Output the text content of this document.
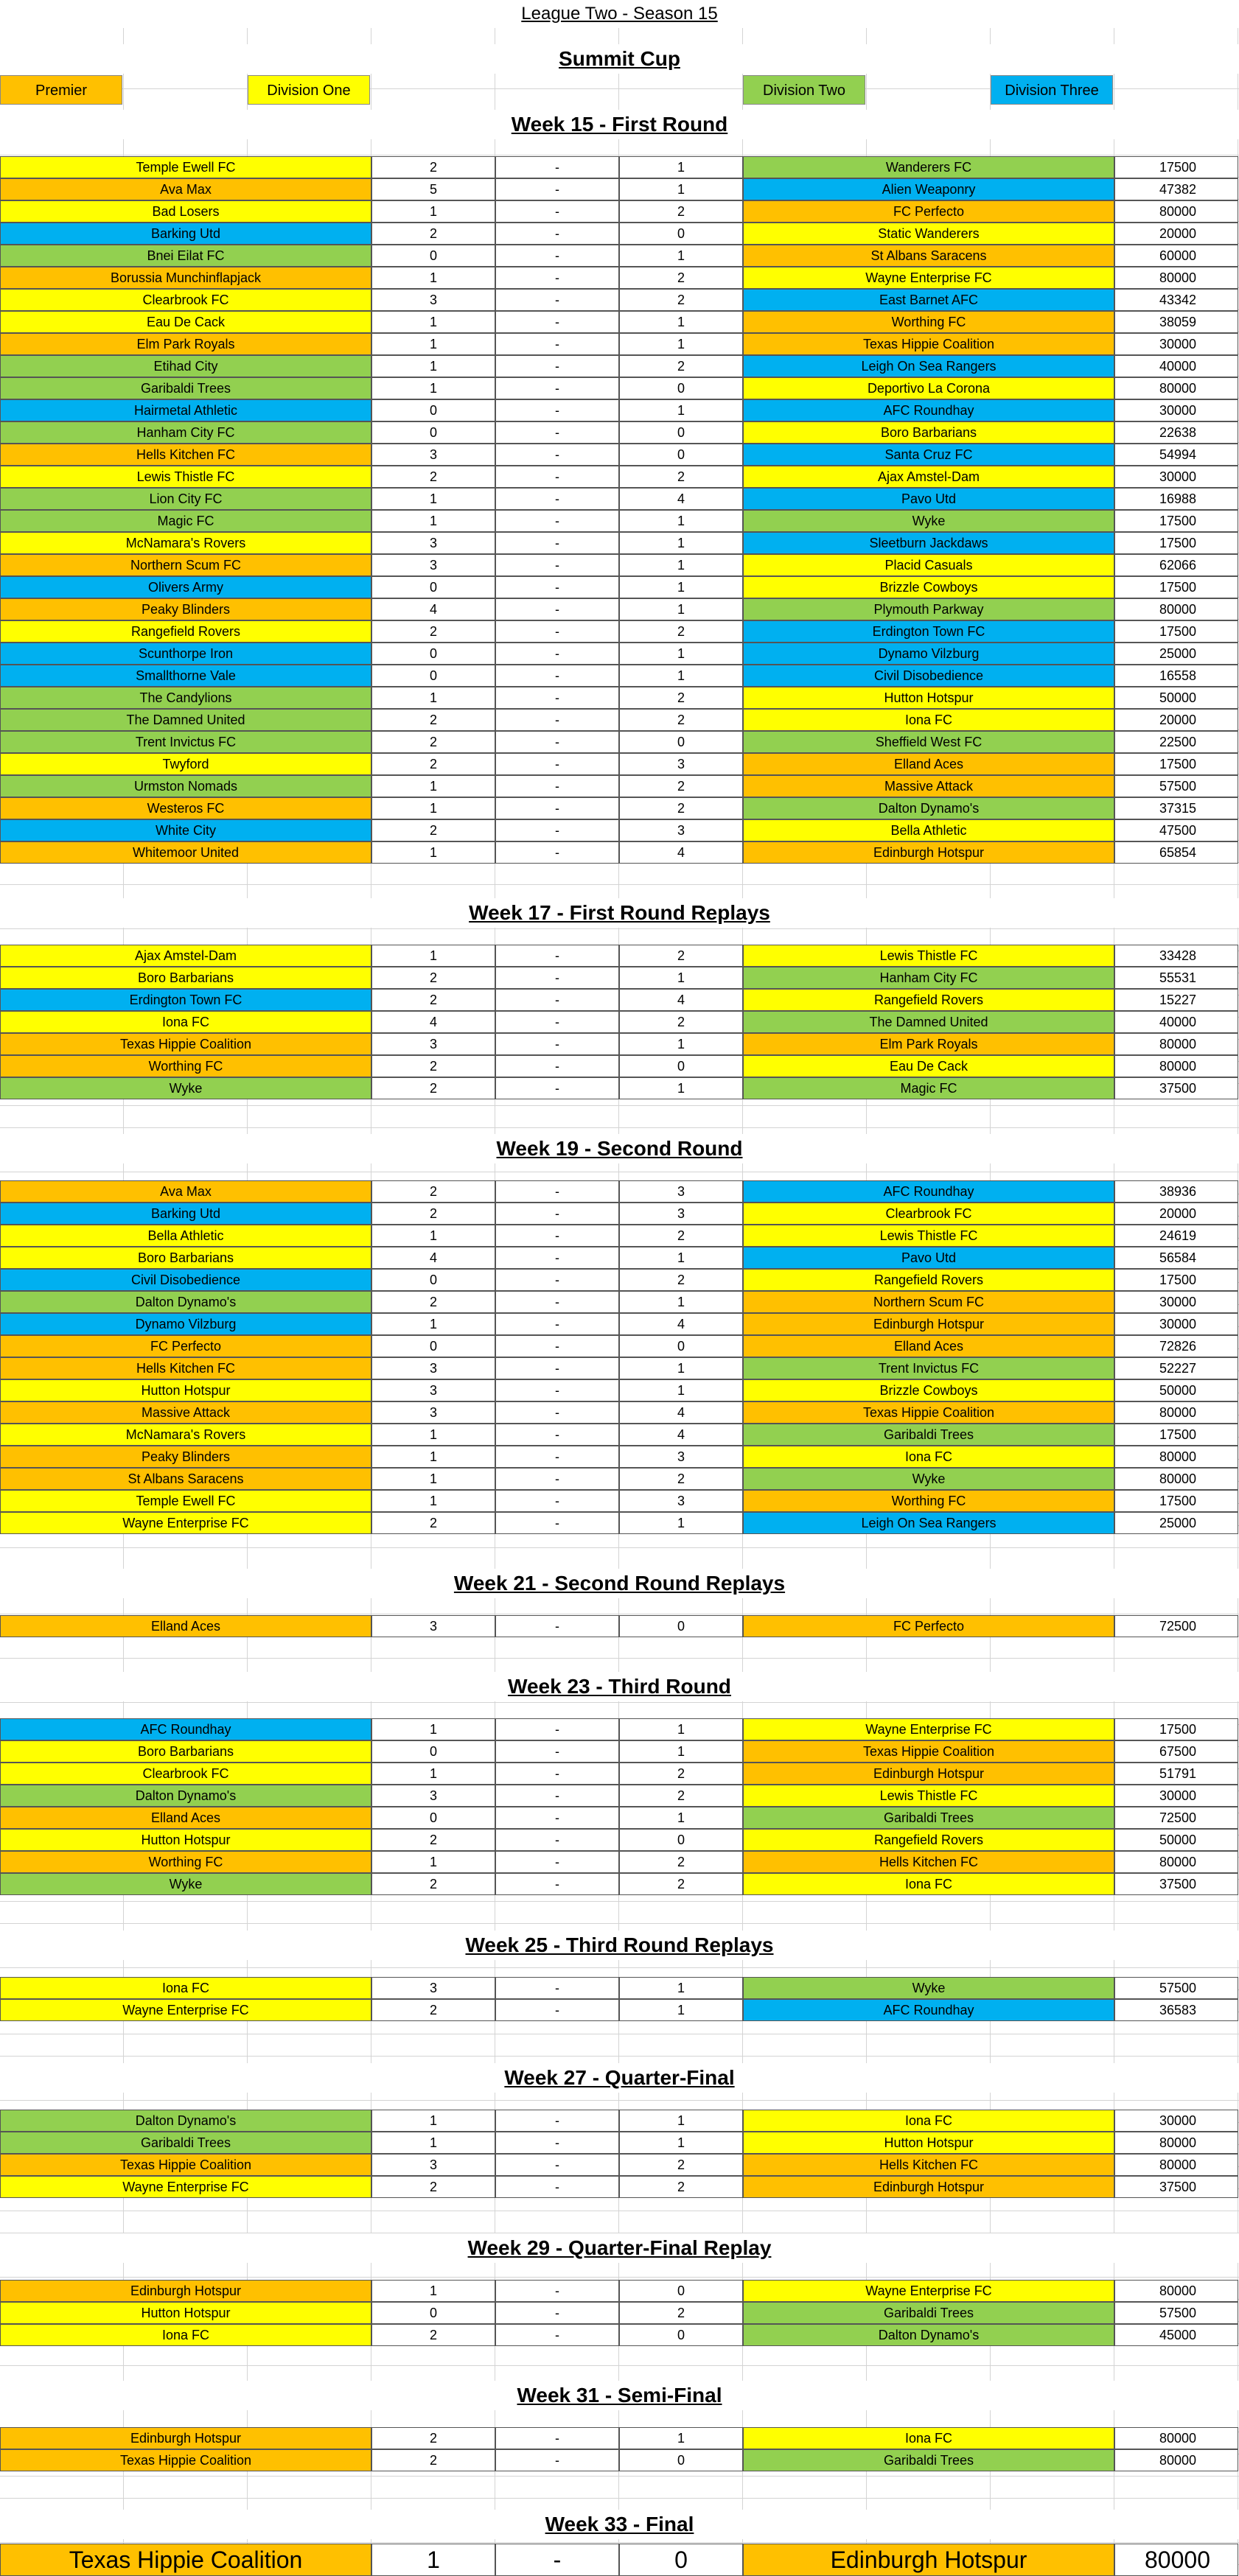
League Two - Season 15
Summit Cup
Premier	Division One	Division Two	Division Three
Week 15 - First Round
Temple Ewell FC	2	-	1	Wanderers FC	17500
Ava Max	5	-	1	Alien Weaponry	47382
Bad Losers	1	-	2	FC Perfecto	80000
Barking Utd	2	-	0	Static Wanderers	20000
Bnei Eilat FC	0	-	1	St Albans Saracens	60000
Borussia Munchinflapjack	1	-	2	Wayne Enterprise FC	80000
Clearbrook FC	3	-	2	East Barnet AFC	43342
Eau De Cack	1	-	1	Worthing FC	38059
Elm Park Royals	1	-	1	Texas Hippie Coalition	30000
Etihad City	1	-	2	Leigh On Sea Rangers	40000
Garibaldi Trees	1	-	0	Deportivo La Corona	80000
Hairmetal Athletic	0	-	1	AFC Roundhay	30000
Hanham City FC	0	-	0	Boro Barbarians	22638
Hells Kitchen FC	3	-	0	Santa Cruz FC	54994
Lewis Thistle FC	2	-	2	Ajax Amstel-Dam	30000
Lion City FC	1	-	4	Pavo Utd	16988
Magic FC	1	-	1	Wyke	17500
McNamara's Rovers	3	-	1	Sleetburn Jackdaws	17500
Northern Scum FC	3	-	1	Placid Casuals	62066
Olivers Army	0	-	1	Brizzle Cowboys	17500
Peaky Blinders	4	-	1	Plymouth Parkway	80000
Rangefield Rovers	2	-	2	Erdington Town FC	17500
Scunthorpe Iron	0	-	1	Dynamo Vilzburg	25000
Smallthorne Vale	0	-	1	Civil Disobedience	16558
The Candylions	1	-	2	Hutton Hotspur	50000
The Damned United	2	-	2	Iona FC	20000
Trent Invictus FC	2	-	0	Sheffield West FC	22500
Twyford	2	-	3	Elland Aces	17500
Urmston Nomads	1	-	2	Massive Attack	57500
Westeros FC	1	-	2	Dalton Dynamo's	37315
White City	2	-	3	Bella Athletic	47500
Whitemoor United	1	-	4	Edinburgh Hotspur	65854
Week 17 - First Round Replays
Ajax Amstel-Dam	1	-	2	Lewis Thistle FC	33428
Boro Barbarians	2	-	1	Hanham City FC	55531
Erdington Town FC	2	-	4	Rangefield Rovers	15227
Iona FC	4	-	2	The Damned United	40000
Texas Hippie Coalition	3	-	1	Elm Park Royals	80000
Worthing FC	2	-	0	Eau De Cack	80000
Wyke	2	-	1	Magic FC	37500
Week 19 - Second Round
Ava Max	2	-	3	AFC Roundhay	38936
Barking Utd	2	-	3	Clearbrook FC	20000
Bella Athletic	1	-	2	Lewis Thistle FC	24619
Boro Barbarians	4	-	1	Pavo Utd	56584
Civil Disobedience	0	-	2	Rangefield Rovers	17500
Dalton Dynamo's	2	-	1	Northern Scum FC	30000
Dynamo Vilzburg	1	-	4	Edinburgh Hotspur	30000
FC Perfecto	0	-	0	Elland Aces	72826
Hells Kitchen FC	3	-	1	Trent Invictus FC	52227
Hutton Hotspur	3	-	1	Brizzle Cowboys	50000
Massive Attack	3	-	4	Texas Hippie Coalition	80000
McNamara's Rovers	1	-	4	Garibaldi Trees	17500
Peaky Blinders	1	-	3	Iona FC	80000
St Albans Saracens	1	-	2	Wyke	80000
Temple Ewell FC	1	-	3	Worthing FC	17500
Wayne Enterprise FC	2	-	1	Leigh On Sea Rangers	25000
Week 21 - Second Round Replays
Elland Aces	3	-	0	FC Perfecto	72500
Week 23 - Third Round
AFC Roundhay	1	-	1	Wayne Enterprise FC	17500
Boro Barbarians	0	-	1	Texas Hippie Coalition	67500
Clearbrook FC	1	-	2	Edinburgh Hotspur	51791
Dalton Dynamo's	3	-	2	Lewis Thistle FC	30000
Elland Aces	0	-	1	Garibaldi Trees	72500
Hutton Hotspur	2	-	0	Rangefield Rovers	50000
Worthing FC	1	-	2	Hells Kitchen FC	80000
Wyke	2	-	2	Iona FC	37500
Week 25 - Third Round Replays
Iona FC	3	-	1	Wyke	57500
Wayne Enterprise FC	2	-	1	AFC Roundhay	36583
Week 27 - Quarter-Final
Dalton Dynamo's	1	-	1	Iona FC	30000
Garibaldi Trees	1	-	1	Hutton Hotspur	80000
Texas Hippie Coalition	3	-	2	Hells Kitchen FC	80000
Wayne Enterprise FC	2	-	2	Edinburgh Hotspur	37500
Week 29 - Quarter-Final Replay
Edinburgh Hotspur	1	-	0	Wayne Enterprise FC	80000
Hutton Hotspur	0	-	2	Garibaldi Trees	57500
Iona FC	2	-	0	Dalton Dynamo's	45000
Week 31 - Semi-Final
Edinburgh Hotspur	2	-	1	Iona FC	80000
Texas Hippie Coalition	2	-	0	Garibaldi Trees	80000
Week 33 - Final
Texas Hippie Coalition	1	-	0	Edinburgh Hotspur	80000
